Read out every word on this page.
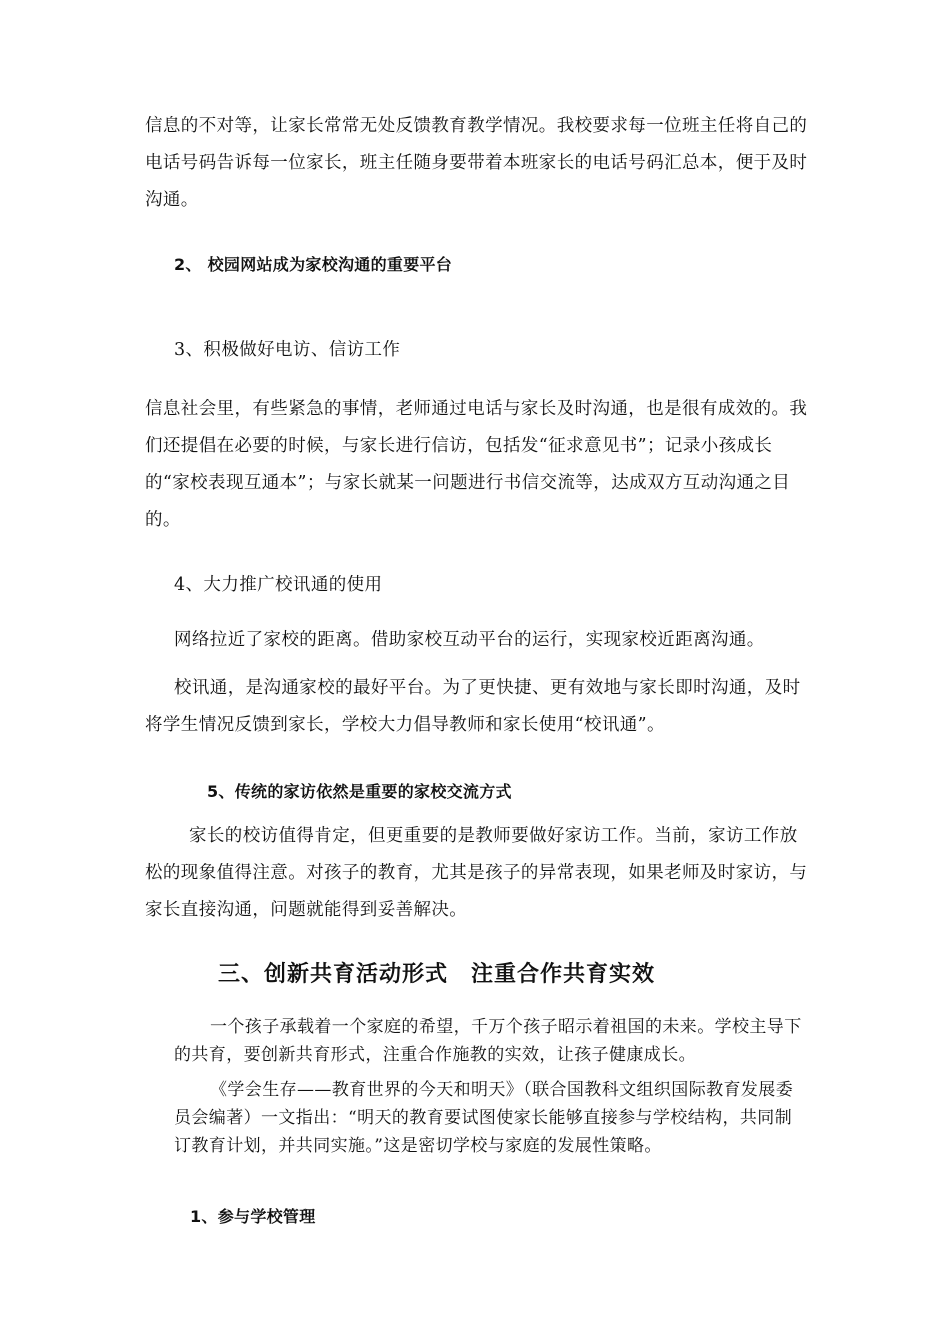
信息的不对等，让家长常常无处反馈教育教学情况。我校要求每一位班主任将自己的电话号码告诉每一位家长，班主任随身要带着本班家长的电话号码汇总本，便于及时沟通。

2、 校园网站成为家校沟通的重要平台
3、积极做好电访、信访工作

信息社会里，有些紧急的事情，老师通过电话与家长及时沟通，也是很有成效的。我们还提倡在必要的时候，与家长进行信访，包括发“征求意见书”；记录小孩成长的“家校表现互通本”；与家长就某一问题进行书信交流等，达成双方互动沟通之目的。

4、大力推广校讯通的使用
网络拉近了家校的距离。借助家校互动平台的运行，实现家校近距离沟通。

校讯通，是沟通家校的最好平台。为了更快捷、更有效地与家长即时沟通，及时将学生情况反馈到家长，学校大力倡导教师和家长使用“校讯通”。

5、传统的家访依然是重要的家校交流方式

家长的校访值得肯定，但更重要的是教师要做好家访工作。当前，家访工作放松的现象值得注意。对孩子的教育，尤其是孩子的异常表现，如果老师及时家访，与家长直接沟通，问题就能得到妥善解决。

三、创新共育活动形式　注重合作共育实效

一个孩子承载着一个家庭的希望，千万个孩子昭示着祖国的未来。学校主导下的共育，要创新共育形式，注重合作施教的实效，让孩子健康成长。

《学会生存——教育世界的今天和明天》（联合国教科文组织国际教育发展委员会编著）一文指出：“明天的教育要试图使家长能够直接参与学校结构，共同制订教育计划，并共同实施。”这是密切学校与家庭的发展性策略。

1、参与学校管理
